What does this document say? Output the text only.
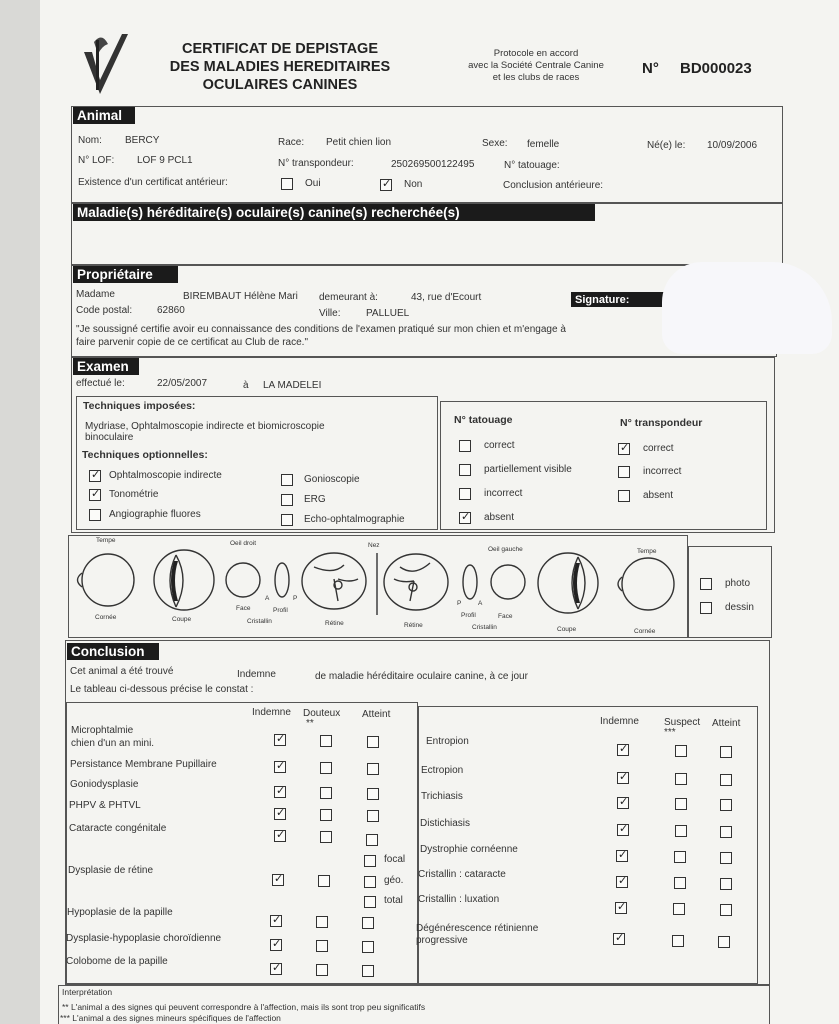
CERTIFICAT DE DEPISTAGE
DES MALADIES HEREDITAIRES
OCULAIRES CANINES
Protocole en accord
avec la Société Centrale Canine
et les clubs de races
N° BD000023
Animal
Nom: BERCY	Race: Petit chien lion	Sexe: femelle	Né(e) le: 10/09/2006
N° LOF: LOF 9 PCL1	N° transpondeur:	250269500122495	N° tatouage:
Existence d'un certificat antérieur:	Oui
✓	Non	Conclusion antérieure:
Maladie(s) héréditaire(s) oculaire(s) canine(s) recherchée(s)
Propriétaire
Madame	BIREMBAUT Hélène Mari demeurant à:	43, rue d'Ecourt	Signature:
Code postal: 62860	Ville:	PALLUEL
"Je soussigné certifie avoir eu connaissance des conditions de l'examen pratiqué sur mon chien et m'engage à
faire parvenir copie de ce certificat au Club de race."
Examen
effectué le:	22/05/2007	à LA MADELEI
Techniques imposées:
Mydriase, Ophtalmoscopie indirecte et biomicroscopie
binoculaire
Techniques optionnelles:
✓
Ophtalmoscopie indirecte
✓
Tonométrie
Angiographie fluores
Gonioscopie
ERG
Echo-ophtalmographie
N° tatouage
correct
partiellement visible
incorrect
✓
absent
N° transpondeur
✓
correct
incorrect
absent
Tempe	Oeil droit	Nez
Oeil gauche	Tempe
Cornée	Coupe
Face
A	P
Profil
Cristallin	Rétine	Rétine
P	A
Profil	Face
Cristallin	Coupe	Cornée
photo
dessin
Conclusion
Cet animal a été trouvé	Indemne	de maladie héréditaire oculaire canine, à ce jour
Le tableau ci-dessous précise le constat :
Indemne Douteux
**
Atteint
Microphtalmie
chien d'un an mini.
✓
Persistance Membrane Pupillaire
✓
Goniodysplasie
✓
PHPV & PHTVL
✓
Cataracte congénitale
✓
Dysplasie de rétine
focal
✓
géo.
total
Hypoplasie de la papille
✓
Dysplasie-hypoplasie choroïdienne
✓
Colobome de la papille
✓
Indemne	Suspect
***
Atteint
Entropion
✓
Ectropion
✓
Trichiasis
✓
Distichiasis
✓
Dystrophie cornéenne
✓
Cristallin : cataracte
✓
Cristallin : luxation
✓
Dégénérescence rétinienne
progressive
✓
Interprétation
** L'animal a des signes qui peuvent correspondre à l'affection, mais ils sont trop peu significatifs
*** L'animal a des signes mineurs spécifiques de l'affection
